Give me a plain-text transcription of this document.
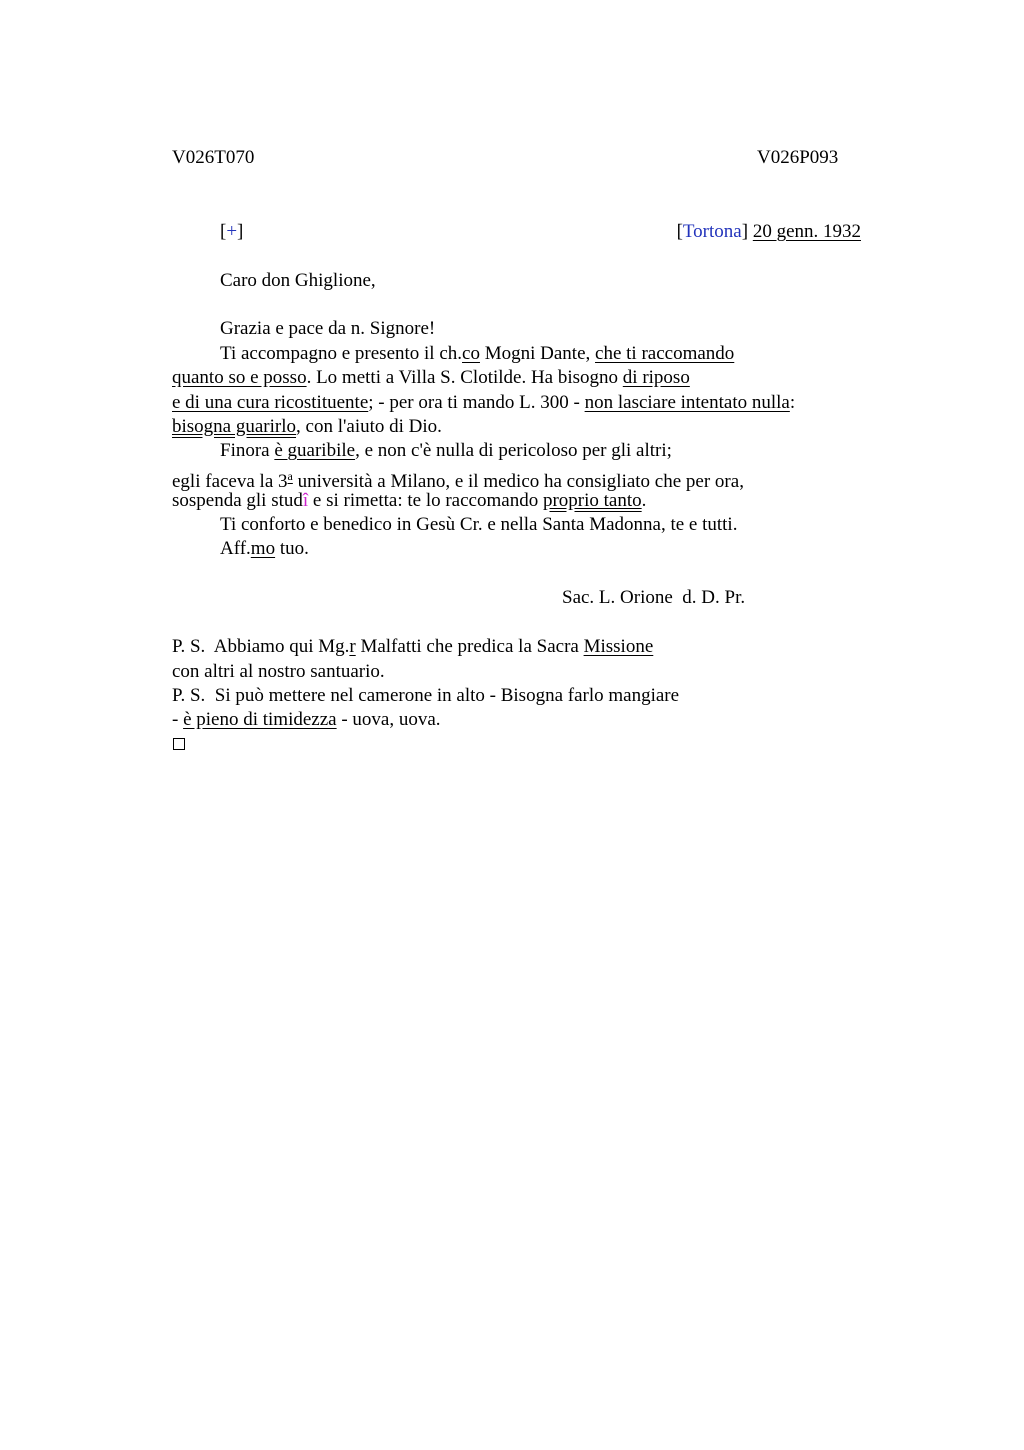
V026T070	V026P093
[+]	[Tortona] 20 genn. 1932
Caro don Ghiglione,
Grazia e pace da n. Signore!
Ti accompagno e presento il ch.co Mogni Dante, che ti raccomando
quanto so e posso. Lo metti a Villa S. Clotilde. Ha bisogno di riposo
e di una cura ricostituente; - per ora ti mando L. 300 - non lasciare intentato nulla:
bisogna guarirlo, con l'aiuto di Dio.
Finora è guaribile, e non c'è nulla di pericoloso per gli altri;
egli faceva la 3$^a$ università a Milano, e il medico ha consigliato che per ora,
sospenda gli studî e si rimetta: te lo raccomando proprio tanto.
Ti conforto e benedico in Gesù Cr. e nella Santa Madonna, te e tutti.
Aff.mo tuo.
Sac. L. Orione  d. D. Pr.
P. S.  Abbiamo qui Mg.r Malfatti che predica la Sacra Missione
con altri al nostro santuario.
P. S.  Si può mettere nel camerone in alto - Bisogna farlo mangiare
- è pieno di timidezza - uova, uova.
